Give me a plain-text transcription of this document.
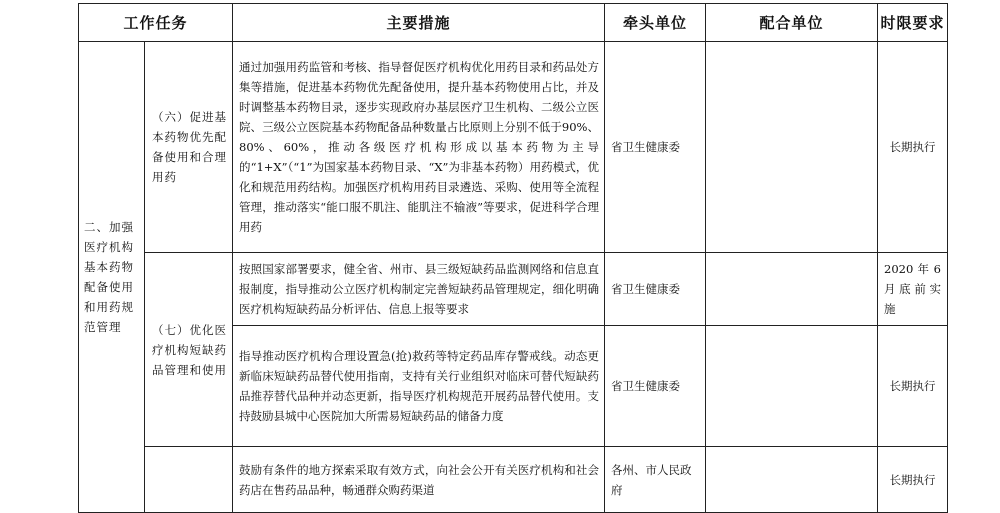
工作任务		主要措施	牵头单位	配合单位	时限要求
二、加强医疗机构基本药物配备使用和用药规范管理	（六）促进基本药物优先配备使用和合理用药	通过加强用药监管和考核、指导督促医疗机构优化用药目录和药品处方集等措施，促进基本药物优先配备使用，提升基本药物使用占比，并及时调整基本药物目录，逐步实现政府办基层医疗卫生机构、二级公立医院、三级公立医院基本药物配备品种数量占比原则上分别不低于90%、80%、60%，推动各级医疗机构形成以基本药物为主导的“1+X”（“1”为国家基本药物目录、“X”为非基本药物）用药模式，优化和规范用药结构。加强医疗机构用药目录遴选、采购、使用等全流程管理，推动落实“能口服不肌注、能肌注不输液”等要求，促进科学合理用药	省卫生健康委		长期执行
	（七）优化医疗机构短缺药品管理和使用	按照国家部署要求，健全省、州市、县三级短缺药品监测网络和信息直报制度，指导推动公立医疗机构制定完善短缺药品管理规定，细化明确医疗机构短缺药品分析评估、信息上报等要求	省卫生健康委		2020 年 6 月底前实施
		指导推动医疗机构合理设置急(抢)救药等特定药品库存警戒线。动态更新临床短缺药品替代使用指南，支持有关行业组织对临床可替代短缺药品推荐替代品种并动态更新，指导医疗机构规范开展药品替代使用。支持鼓励县城中心医院加大所需易短缺药品的储备力度	省卫生健康委		长期执行
		鼓励有条件的地方探索采取有效方式，向社会公开有关医疗机构和社会药店在售药品品种，畅通群众购药渠道	各州、市人民政府		长期执行
